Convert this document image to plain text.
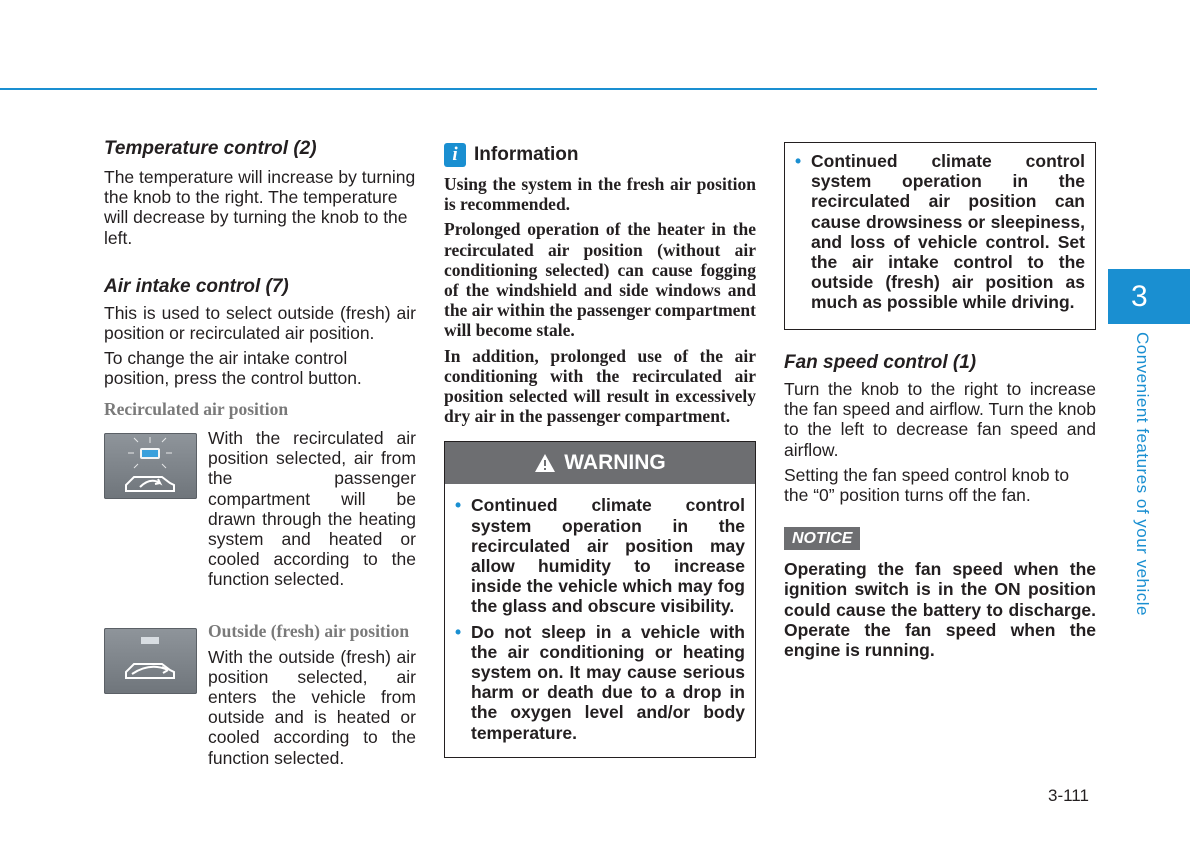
Temperature control (2)

The temperature will increase by turning the knob to the right. The temperature will decrease by turning the knob to the left.

Air intake control (7)

This is used to select outside (fresh) air position or recirculated air position.

To change the air intake control position, press the control button.

Recirculated air position
With the recirculated air position selected, air from the passenger compartment will be drawn through the heating system and heated or cooled according to the function selected.
Outside (fresh) air position

With the outside (fresh) air position selected, air enters the vehicle from outside and is heated or cooled according to the function selected.

i Information

Using the system in the fresh air position is recommended.

Prolonged operation of the heater in the recirculated air position (without air conditioning selected) can cause fogging of the windshield and side windows and the air within the passenger compartment will become stale.

In addition, prolonged use of the air conditioning with the recirculated air position selected will result in excessively dry air in the passenger compartment.

WARNING
• Continued climate control system operation in the recirculated air position may allow humidity to increase inside the vehicle which may fog the glass and obscure visibility.
• Do not sleep in a vehicle with the air conditioning or heating system on. It may cause serious harm or death due to a drop in the oxygen level and/or body temperature.
• Continued climate control system operation in the recirculated air position can cause drowsiness or sleepiness, and loss of vehicle control. Set the air intake control to the outside (fresh) air position as much as possible while driving.
Fan speed control (1)

Turn the knob to the right to increase the fan speed and airflow. Turn the knob to the left to decrease fan speed and airflow.

Setting the fan speed control knob to the “0” position turns off the fan.

NOTICE

Operating the fan speed when the ignition switch is in the ON position could cause the battery to discharge. Operate the fan speed when the engine is running.

3
Convenient features of your vehicle
3-111
